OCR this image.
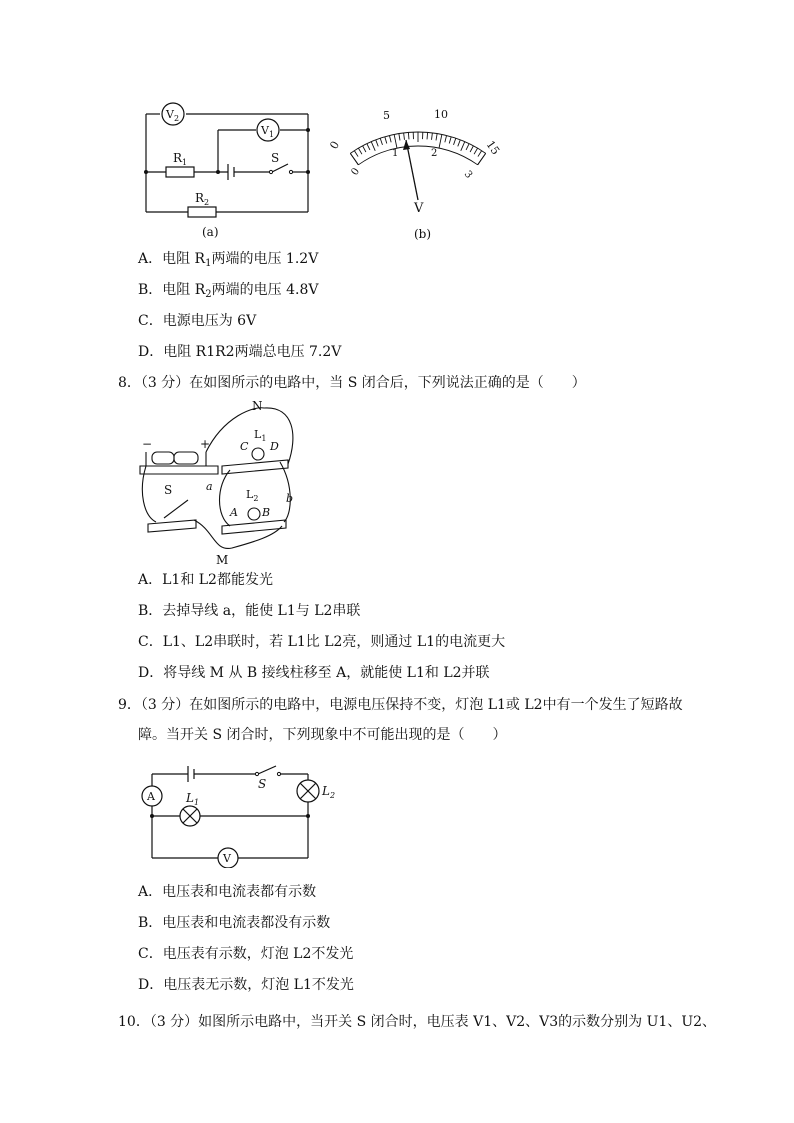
$V_2$
$V_1$
$R_1$
$R_2$
S
(a)
0
5	10
15
0
1	2
3
V
(b)
A．电阻 $R_1$两端的电压 1.2V
B．电阻 $R_2$两端的电压 4.8V
C．电源电压为 6V
D．电阻 R1R2两端总电压 7.2V
8．（3 分）在如图所示的电路中，当 S 闭合后，下列说法正确的是（　　）
−	+
N
M
$L_1$
C D
$L_2$
A B
S	a
b
A．L1和 L2都能发光
B．去掉导线 a，能使 L1与 L2串联
C．L1、L2串联时，若 L1比 L2亮，则通过 L1的电流更大
D．将导线 M 从 B 接线柱移至 A，就能使 L1和 L2并联
9．（3 分）在如图所示的电路中，电源电压保持不变，灯泡 L1或 L2中有一个发生了短路故
障。当开关 S 闭合时，下列现象中不可能出现的是（　　）
A
V
S
$L_1$
$L_2$
A．电压表和电流表都有示数
B．电压表和电流表都没有示数
C．电压表有示数，灯泡 L2不发光
D．电压表无示数，灯泡 L1不发光
10．（3 分）如图所示电路中，当开关 S 闭合时，电压表 V1、V2、V3的示数分别为 U1、U2、
